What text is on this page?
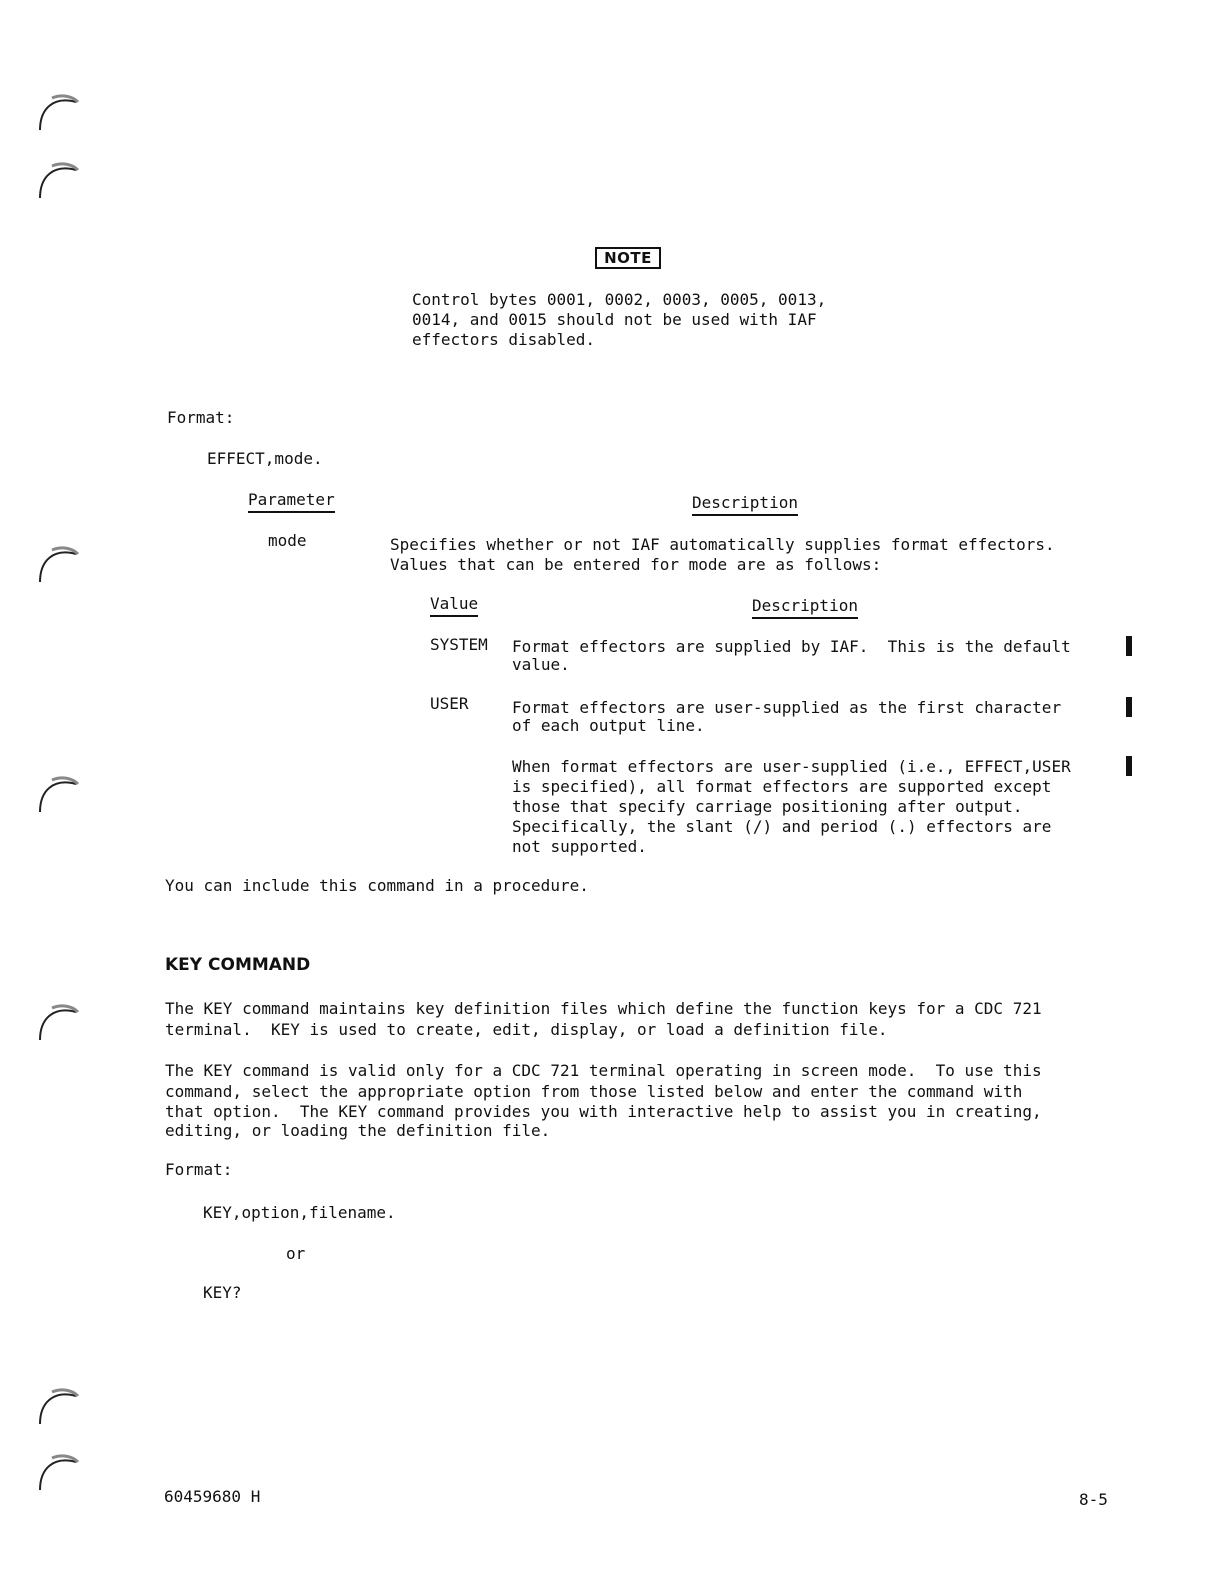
NOTE
Control bytes 0001, 0002, 0003, 0005, 0013,
0014, and 0015 should not be used with IAF
effectors disabled.
Format:
EFFECT,mode.
Parameter	Description
mode	Specifies whether or not IAF automatically supplies format effectors.
Values that can be entered for mode are as follows:
Value	Description
SYSTEM Format effectors are supplied by IAF.  This is the default
value.
USER	Format effectors are user-supplied as the first character
of each output line.
When format effectors are user-supplied (i.e., EFFECT,USER
is specified), all format effectors are supported except
those that specify carriage positioning after output.
Specifically, the slant (/) and period (.) effectors are
not supported.
You can include this command in a procedure.
KEY COMMAND
The KEY command maintains key definition files which define the function keys for a CDC 721
terminal.  KEY is used to create, edit, display, or load a definition file.
The KEY command is valid only for a CDC 721 terminal operating in screen mode.  To use this
command, select the appropriate option from those listed below and enter the command with
that option.  The KEY command provides you with interactive help to assist you in creating,
editing, or loading the definition file.
Format:
KEY,option,filename.
or
KEY?
60459680 H	8-5
